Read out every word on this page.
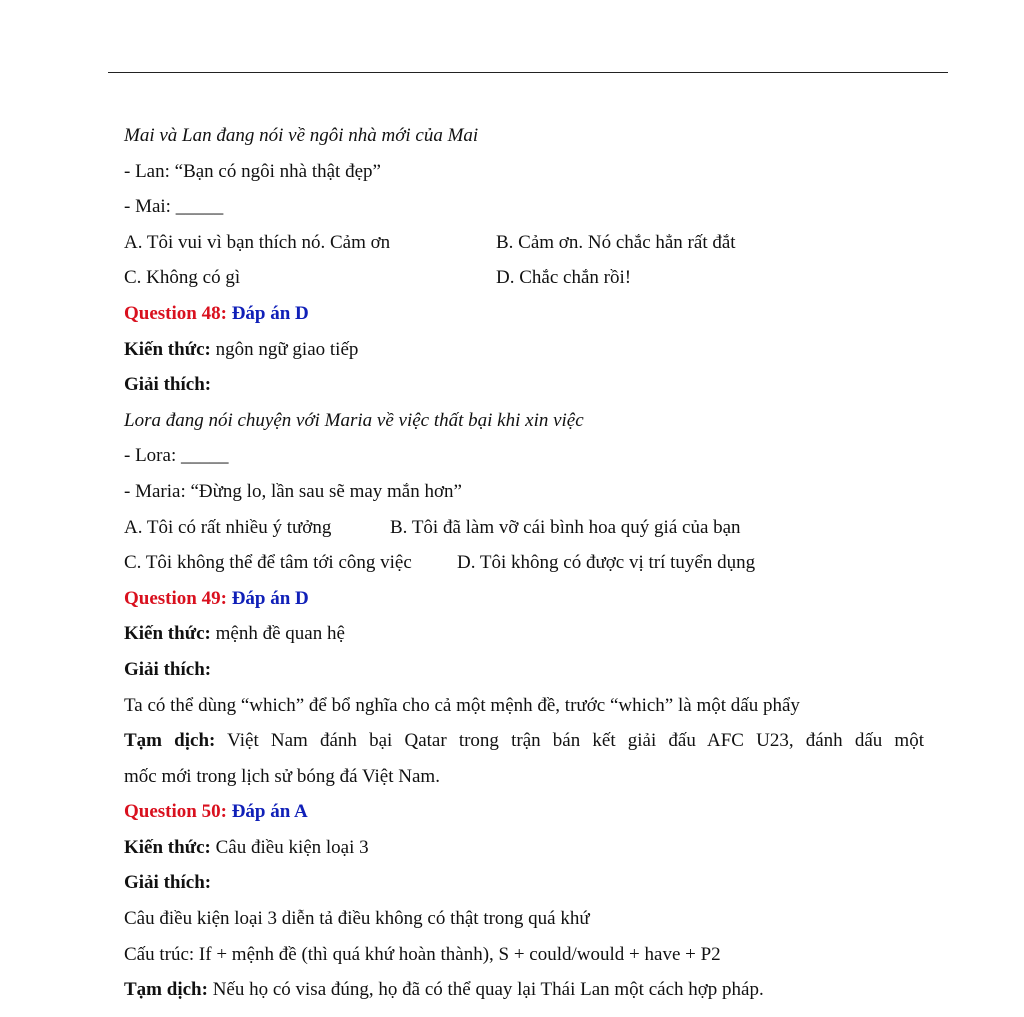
Mai và Lan đang nói về ngôi nhà mới của Mai
- Lan: “Bạn có ngôi nhà thật đẹp”
- Mai: _____
A. Tôi vui vì bạn thích nó. Cảm ơn	B. Cảm ơn. Nó chắc hẳn rất đắt
C. Không có gì	D. Chắc chắn rồi!
Question 48: Đáp án D
Kiến thức: ngôn ngữ giao tiếp
Giải thích:
Lora đang nói chuyện với Maria về việc thất bại khi xin việc
- Lora: _____
- Maria: “Đừng lo, lần sau sẽ may mắn hơn”
A. Tôi có rất nhiều ý tưởng	B. Tôi đã làm vỡ cái bình hoa quý giá của bạn
C. Tôi không thể để tâm tới công việc D. Tôi không có được vị trí tuyển dụng
Question 49: Đáp án D
Kiến thức: mệnh đề quan hệ
Giải thích:
Ta có thể dùng “which” để bổ nghĩa cho cả một mệnh đề, trước “which” là một dấu phẩy
Tạm dịch: Việt Nam đánh bại Qatar trong trận bán kết giải đấu AFC U23, đánh dấu một
mốc mới trong lịch sử bóng đá Việt Nam.
Question 50: Đáp án A
Kiến thức: Câu điều kiện loại 3
Giải thích:
Câu điều kiện loại 3 diễn tả điều không có thật trong quá khứ
Cấu trúc: If + mệnh đề (thì quá khứ hoàn thành), S + could/would + have + P2
Tạm dịch: Nếu họ có visa đúng, họ đã có thể quay lại Thái Lan một cách hợp pháp.
